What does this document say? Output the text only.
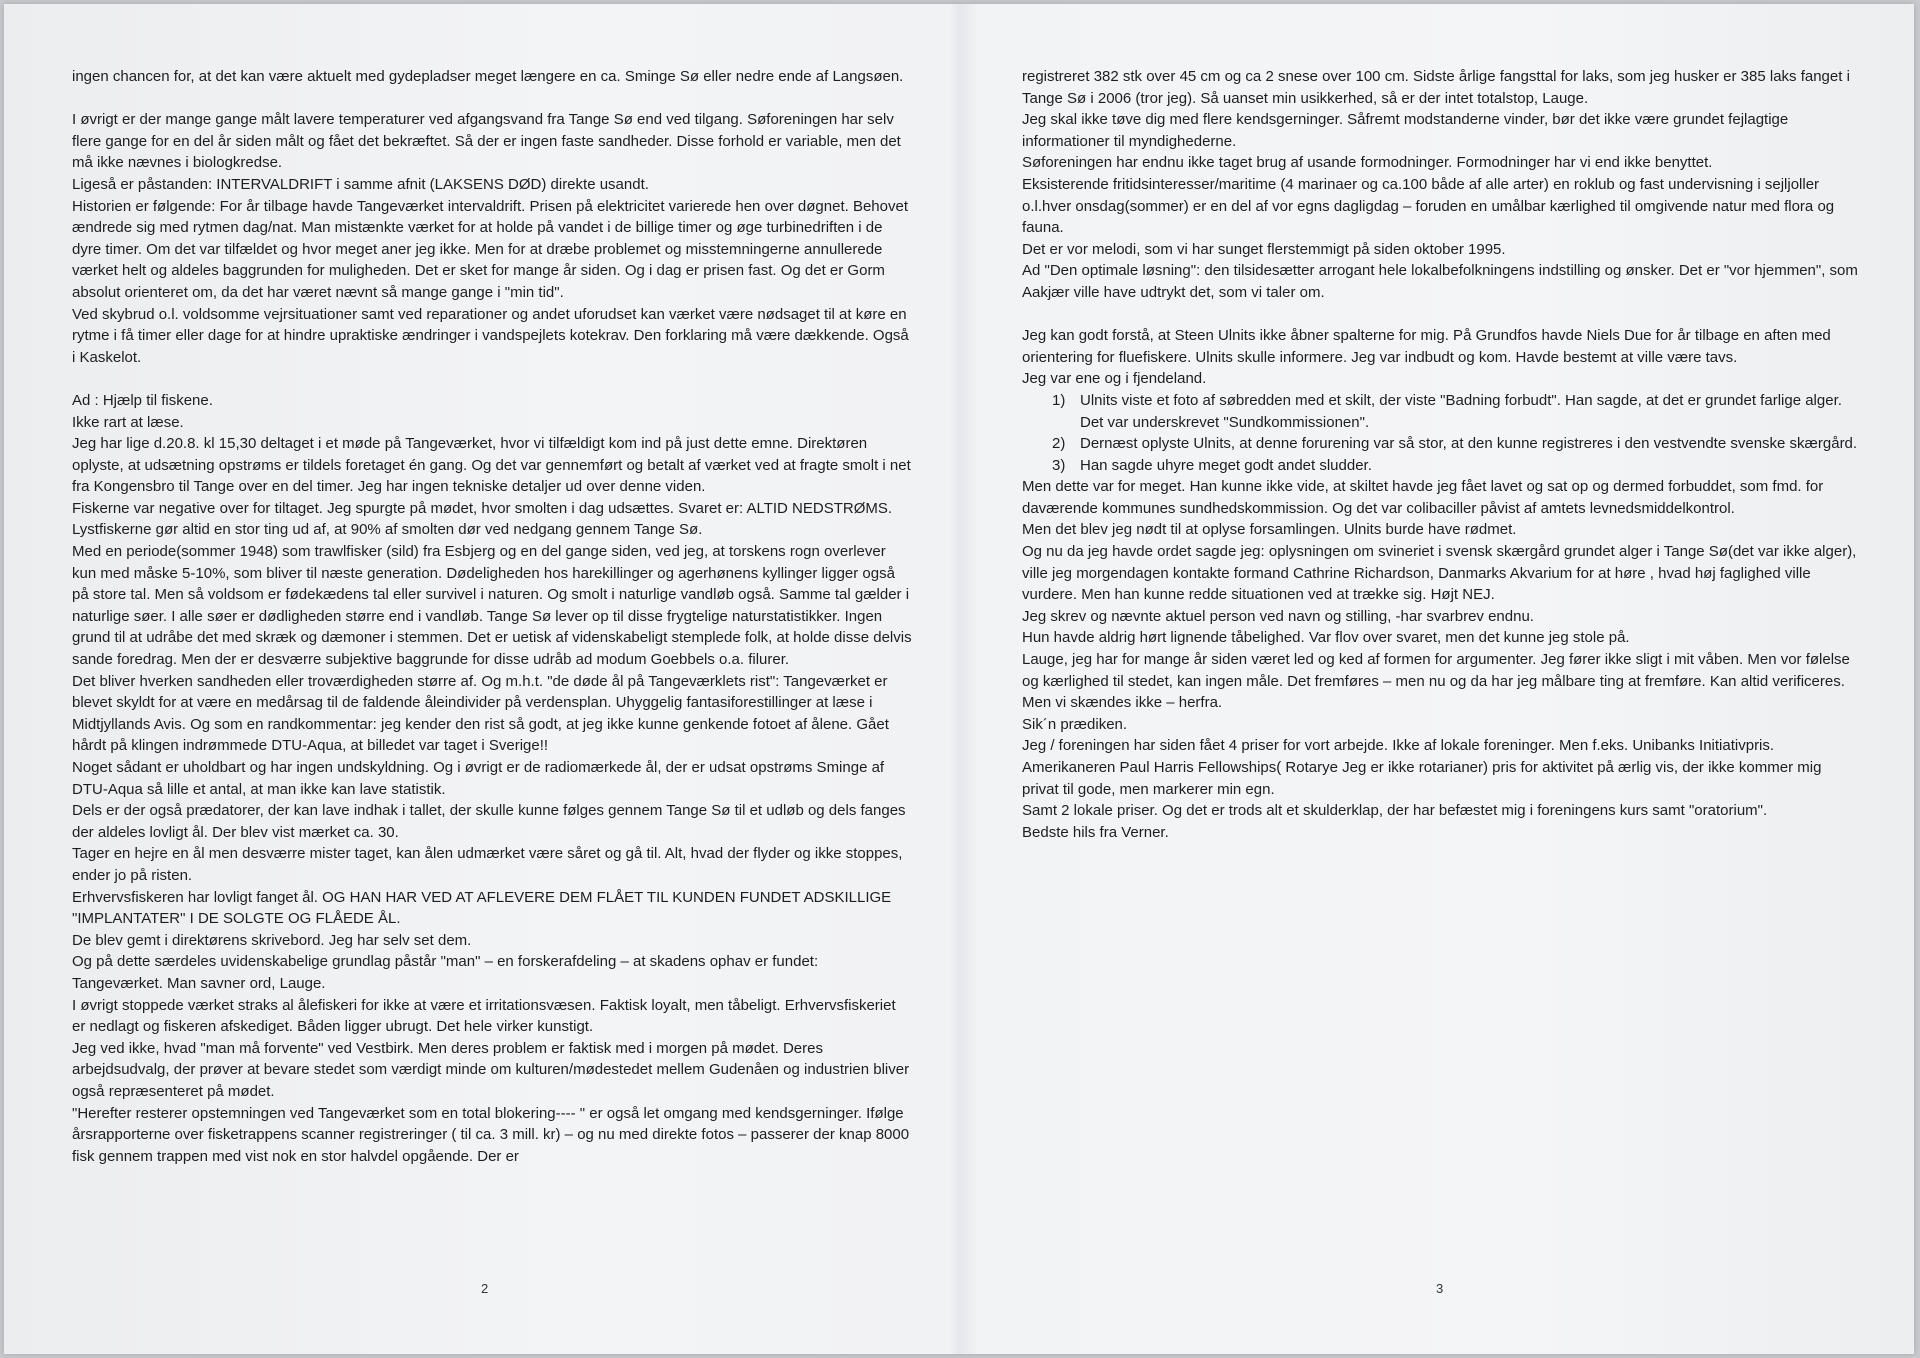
ingen chancen for, at det kan være aktuelt med gydepladser meget længere en ca. Sminge Sø eller nedre ende af Langsøen.

I øvrigt er der mange gange målt lavere temperaturer ved afgangsvand fra Tange Sø end ved tilgang. Søforeningen har selv flere gange for en del år siden målt og fået det bekræftet. Så der er ingen faste sandheder. Disse forhold er variable, men det må ikke nævnes i biologkredse.

Ligeså er påstanden: INTERVALDRIFT i samme afnit (LAKSENS DØD) direkte usandt.

Historien er følgende: For år tilbage havde Tangeværket intervaldrift. Prisen på elektricitet varierede hen over døgnet. Behovet ændrede sig med rytmen dag/nat. Man mistænkte værket for at holde på vandet i de billige timer og øge turbinedriften i de dyre timer. Om det var tilfældet og hvor meget aner jeg ikke. Men for at dræbe problemet og misstemningerne annullerede værket helt og aldeles baggrunden for muligheden. Det er sket for mange år siden. Og i dag er prisen fast. Og det er Gorm absolut orienteret om, da det har været nævnt så mange gange i "min tid".

Ved skybrud o.l. voldsomme vejrsituationer samt ved reparationer og andet uforudset kan værket være nødsaget til at køre en rytme i få timer eller dage for at hindre upraktiske ændringer i vandspejlets kotekrav. Den forklaring må være dækkende. Også i Kaskelot.

Ad : Hjælp til fiskene.

Ikke rart at læse.

Jeg har lige d.20.8. kl 15,30 deltaget i et møde på Tangeværket, hvor vi tilfældigt kom ind på just dette emne. Direktøren oplyste, at udsætning opstrøms er tildels foretaget én gang. Og det var gennemført og betalt af værket ved at fragte smolt i net fra Kongensbro til Tange over en del timer. Jeg har ingen tekniske detaljer ud over denne viden.

Fiskerne var negative over for tiltaget. Jeg spurgte på mødet, hvor smolten i dag udsættes. Svaret er: ALTID NEDSTRØMS.

Lystfiskerne gør altid en stor ting ud af, at 90% af smolten dør ved nedgang gennem Tange Sø.

Med en periode(sommer 1948) som trawlfisker (sild) fra Esbjerg og en del gange siden, ved jeg, at torskens rogn overlever kun med måske 5-10%, som bliver til næste generation. Dødeligheden hos harekillinger og agerhønens kyllinger ligger også på store tal. Men så voldsom er fødekædens tal eller survivel i naturen. Og smolt i naturlige vandløb også. Samme tal gælder i naturlige søer. I alle søer er dødligheden større end i vandløb. Tange Sø lever op til disse frygtelige naturstatistikker. Ingen grund til at udråbe det med skræk og dæmoner i stemmen. Det er uetisk af videnskabeligt stemplede folk, at holde disse delvis sande foredrag. Men der er desværre subjektive baggrunde for disse udråb ad modum Goebbels o.a. filurer.

Det bliver hverken sandheden eller troværdigheden større af. Og m.h.t. "de døde ål på Tangeværklets rist": Tangeværket er blevet skyldt for at være en medårsag til de faldende åleindivider på verdensplan. Uhyggelig fantasiforestillinger at læse i Midtjyllands Avis. Og som en randkommentar: jeg kender den rist så godt, at jeg ikke kunne genkende fotoet af ålene. Gået hårdt på klingen indrømmede DTU-Aqua, at billedet var taget i Sverige!!

Noget sådant er uholdbart og har ingen undskyldning. Og i øvrigt er de radiomærkede ål, der er udsat opstrøms Sminge af DTU-Aqua så lille et antal, at man ikke kan lave statistik.

Dels er der også prædatorer, der kan lave indhak i tallet, der skulle kunne følges gennem Tange Sø til et udløb og dels fanges der aldeles lovligt ål. Der blev vist mærket ca. 30.

Tager en hejre en ål men desværre mister taget, kan ålen udmærket være såret og gå til. Alt, hvad der flyder og ikke stoppes, ender jo på risten.

Erhvervsfiskeren har lovligt fanget ål. OG HAN HAR VED AT AFLEVERE DEM FLÅET TIL KUNDEN FUNDET ADSKILLIGE "IMPLANTATER" I DE SOLGTE OG FLÅEDE ÅL.

De blev gemt i direktørens skrivebord. Jeg har selv set dem.

Og på dette særdeles uvidenskabelige grundlag påstår "man" – en forskerafdeling – at skadens ophav er fundet: Tangeværket. Man savner ord, Lauge.

I øvrigt stoppede værket straks al ålefiskeri for ikke at være et irritationsvæsen. Faktisk loyalt, men tåbeligt. Erhvervsfiskeriet er nedlagt og fiskeren afskediget. Båden ligger ubrugt. Det hele virker kunstigt.

Jeg ved ikke, hvad "man må forvente" ved Vestbirk. Men deres problem er faktisk med i morgen på mødet. Deres arbejdsudvalg, der prøver at bevare stedet som værdigt minde om kulturen/mødestedet mellem Gudenåen og industrien bliver også repræsenteret på mødet.

"Herefter resterer opstemningen ved Tangeværket som en total blokering---- " er også let omgang med kendsgerninger. Ifølge årsrapporterne over fisketrappens scanner registreringer ( til ca. 3 mill. kr) – og nu med direkte fotos – passerer der knap 8000 fisk gennem trappen med vist nok en stor halvdel opgående. Der er

2

registreret 382 stk over 45 cm og ca 2 snese over 100 cm. Sidste årlige fangsttal for laks, som jeg husker er 385 laks fanget i Tange Sø i 2006 (tror jeg). Så uanset min usikkerhed, så er der intet totalstop, Lauge.

Jeg skal ikke tøve dig med flere kendsgerninger. Såfremt modstanderne vinder, bør det ikke være grundet fejlagtige informationer til myndighederne.

Søforeningen har endnu ikke taget brug af usande formodninger. Formodninger har vi end ikke benyttet.

Eksisterende fritidsinteresser/maritime (4 marinaer og ca.100 både af alle arter) en roklub og fast undervisning i sejljoller o.l.hver onsdag(sommer) er en del af vor egns dagligdag – foruden en umålbar kærlighed til omgivende natur med flora og fauna.

Det er vor melodi, som vi har sunget flerstemmigt på siden oktober 1995.

Ad "Den optimale løsning": den tilsidesætter arrogant hele lokalbefolkningens indstilling og ønsker. Det er "vor hjemmen", som Aakjær ville have udtrykt det, som vi taler om.

Jeg kan godt forstå, at Steen Ulnits ikke åbner spalterne for mig. På Grundfos havde Niels Due for år tilbage en aften med orientering for fluefiskere. Ulnits skulle informere. Jeg var indbudt og kom. Havde bestemt at ville være tavs.

Jeg var ene og i fjendeland.

1) Ulnits viste et foto af søbredden med et skilt, der viste "Badning forbudt". Han sagde, at det er grundet farlige alger. Det var underskrevet "Sundkommissionen".
2) Dernæst oplyste Ulnits, at denne forurening var så stor, at den kunne registreres i den vestvendte svenske skærgård.
3) Han sagde uhyre meget godt andet sludder.

Men dette var for meget. Han kunne ikke vide, at skiltet havde jeg fået lavet og sat op og dermed forbuddet, som fmd. for daværende kommunes sundhedskommission. Og det var colibaciller påvist af amtets levnedsmiddelkontrol.

Men det blev jeg nødt til at oplyse forsamlingen. Ulnits burde have rødmet.

Og nu da jeg havde ordet sagde jeg: oplysningen om svineriet i svensk skærgård grundet alger i Tange Sø(det var ikke alger), ville jeg morgendagen kontakte formand Cathrine Richardson, Danmarks Akvarium for at høre , hvad høj faglighed ville vurdere. Men han kunne redde situationen ved at trække sig. Højt NEJ.

Jeg skrev og nævnte aktuel person ved navn og stilling, -har svarbrev endnu.

Hun havde aldrig hørt lignende tåbelighed. Var flov over svaret, men det kunne jeg stole på.

Lauge, jeg har for mange år siden været led og ked af formen for argumenter. Jeg fører ikke sligt i mit våben. Men vor følelse og kærlighed til stedet, kan ingen måle. Det fremføres – men nu og da har jeg målbare ting at fremføre. Kan altid verificeres. Men vi skændes ikke – herfra.

Sik´n prædiken.

Jeg / foreningen har siden fået 4 priser for vort arbejde. Ikke af lokale foreninger. Men f.eks. Unibanks Initiativpris. Amerikaneren Paul Harris Fellowships( Rotarye Jeg er ikke rotarianer) pris for aktivitet på ærlig vis, der ikke kommer mig privat til gode, men markerer min egn.

Samt 2 lokale priser. Og det er trods alt et skulderklap, der har befæstet mig i foreningens kurs samt "oratorium".

Bedste hils fra Verner.

3
